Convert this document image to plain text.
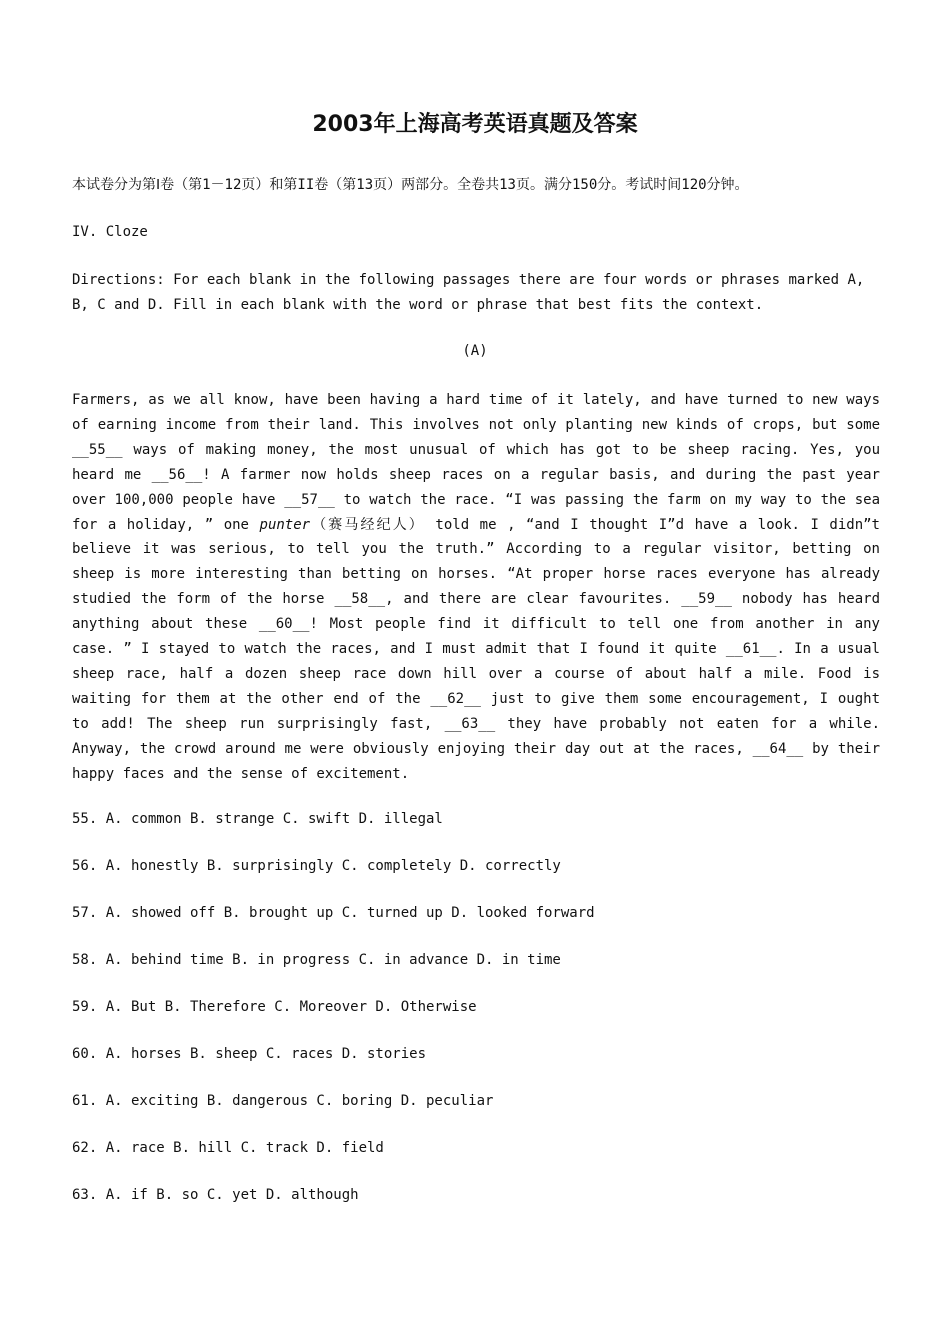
2003年上海高考英语真题及答案
本试卷分为第Ⅰ卷（第1－12页）和第II卷（第13页）两部分。全卷共13页。满分150分。考试时间120分钟。
IV. Cloze
Directions: For each blank in the following passages there are four words or phrases marked A, B, C and D. Fill in each blank with the word or phrase that best fits the context.
(A)
Farmers, as we all know, have been having a hard time of it lately, and have turned to new ways of earning income from their land. This involves not only planting new kinds of crops, but some __55__ ways of making money, the most unusual of which has got to be sheep racing. Yes, you heard me __56__! A farmer now holds sheep races on a regular basis, and during the past year over 100,000 people have __57__ to watch the race. “I was passing the farm on my way to the sea for a holiday, ” one punter（赛马经纪人） told me , “and I thought I”d have a look. I didn”t believe it was serious, to tell you the truth.” According to a regular visitor, betting on sheep is more interesting than betting on horses. “At proper horse races everyone has already studied the form of the horse __58__, and there are clear favourites. __59__ nobody has heard anything about these __60__! Most people find it difficult to tell one from another in any case. ” I stayed to watch the races, and I must admit that I found it quite __61__. In a usual sheep race, half a dozen sheep race down hill over a course of about half a mile. Food is waiting for them at the other end of the __62__ just to give them some encouragement, I ought to add! The sheep run surprisingly fast, __63__ they have probably not eaten for a while. Anyway, the crowd around me were obviously enjoying their day out at the races, __64__ by their happy faces and the sense of excitement.
55. A. common B. strange C. swift D. illegal
56. A. honestly B. surprisingly C. completely D. correctly
57. A. showed off B. brought up C. turned up D. looked forward
58. A. behind time B. in progress C. in advance D. in time
59. A. But B. Therefore C. Moreover D. Otherwise
60. A. horses B. sheep C. races D. stories
61. A. exciting B. dangerous C. boring D. peculiar
62. A. race B. hill C. track D. field
63. A. if B. so C. yet D. although
